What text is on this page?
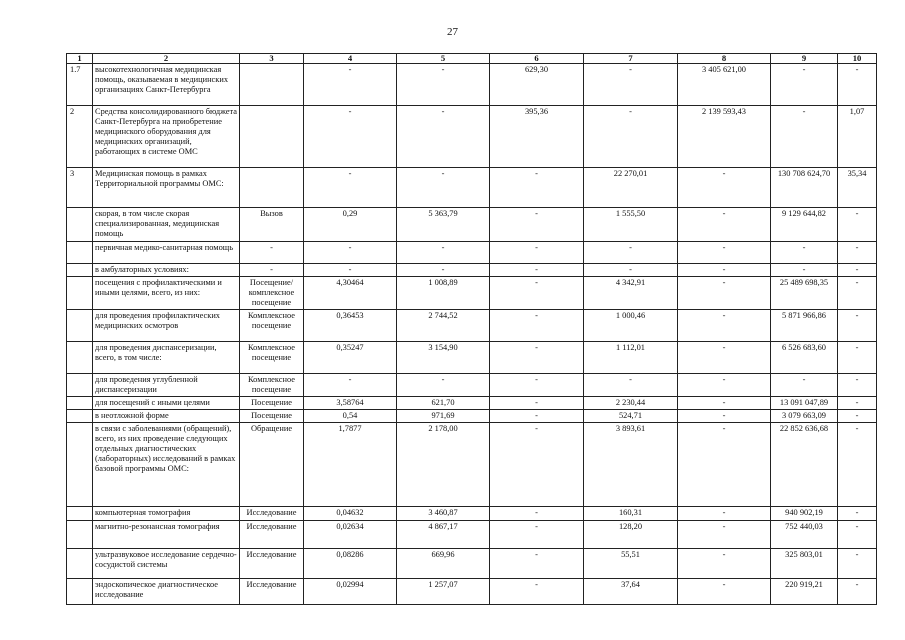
27
1	2	3	4	5	6	7	8	9	10
1.7	высокотехнологичная медицинская помощь, оказываемая в медицинских организациях Санкт-Петербурга		-	-	629,30	-	3 405 621,00	-	-
2	Средства консолидированного бюджета Санкт-Петербурга на приобретение медицинского оборудования для медицинских организаций, работающих в системе ОМС		-	-	395,36	-	2 139 593,43	-	1,07
3	Медицинская помощь в рамках Территориальной программы ОМС:		-	-	-	22 270,01	-	130 708 624,70	35,34
	скорая, в том числе скорая специализированная, медицинская помощь	Вызов	0,29	5 363,79	-	1 555,50	-	9 129 644,82	-
	первичная медико-санитарная помощь	-	-	-	-	-	-	-	-
	в амбулаторных условиях:	-	-	-	-	-	-	-	-
	посещения с профилактическими и иными целями, всего, из них:	Посещение/ комплексное посещение	4,30464	1 008,89	-	4 342,91	-	25 489 698,35	-
	для проведения профилактических медицинских осмотров	Комплексное посещение	0,36453	2 744,52	-	1 000,46	-	5 871 966,86	-
	для проведения диспансеризации, всего, в том числе:	Комплексное посещение	0,35247	3 154,90	-	1 112,01	-	6 526 683,60	-
	для проведения углубленной диспансеризации	Комплексное посещение	-	-	-	-	-	-	-
	для посещений с иными целями	Посещение	3,58764	621,70	-	2 230,44	-	13 091 047,89	-
	в неотложной форме	Посещение	0,54	971,69	-	524,71	-	3 079 663,09	-
	в связи с заболеваниями (обращений), всего, из них проведение следующих отдельных диагностических (лабораторных) исследований в рамках базовой программы ОМС:	Обращение	1,7877	2 178,00	-	3 893,61	-	22 852 636,68	-
	компьютерная томография	Исследование	0,04632	3 460,87	-	160,31	-	940 902,19	-
	магнитно-резонансная томография	Исследование	0,02634	4 867,17	-	128,20	-	752 440,03	-
	ультразвуковое исследование сердечно-сосудистой системы	Исследование	0,08286	669,96	-	55,51	-	325 803,01	-
	эндоскопическое диагностическое исследование	Исследование	0,02994	1 257,07	-	37,64	-	220 919,21	-
